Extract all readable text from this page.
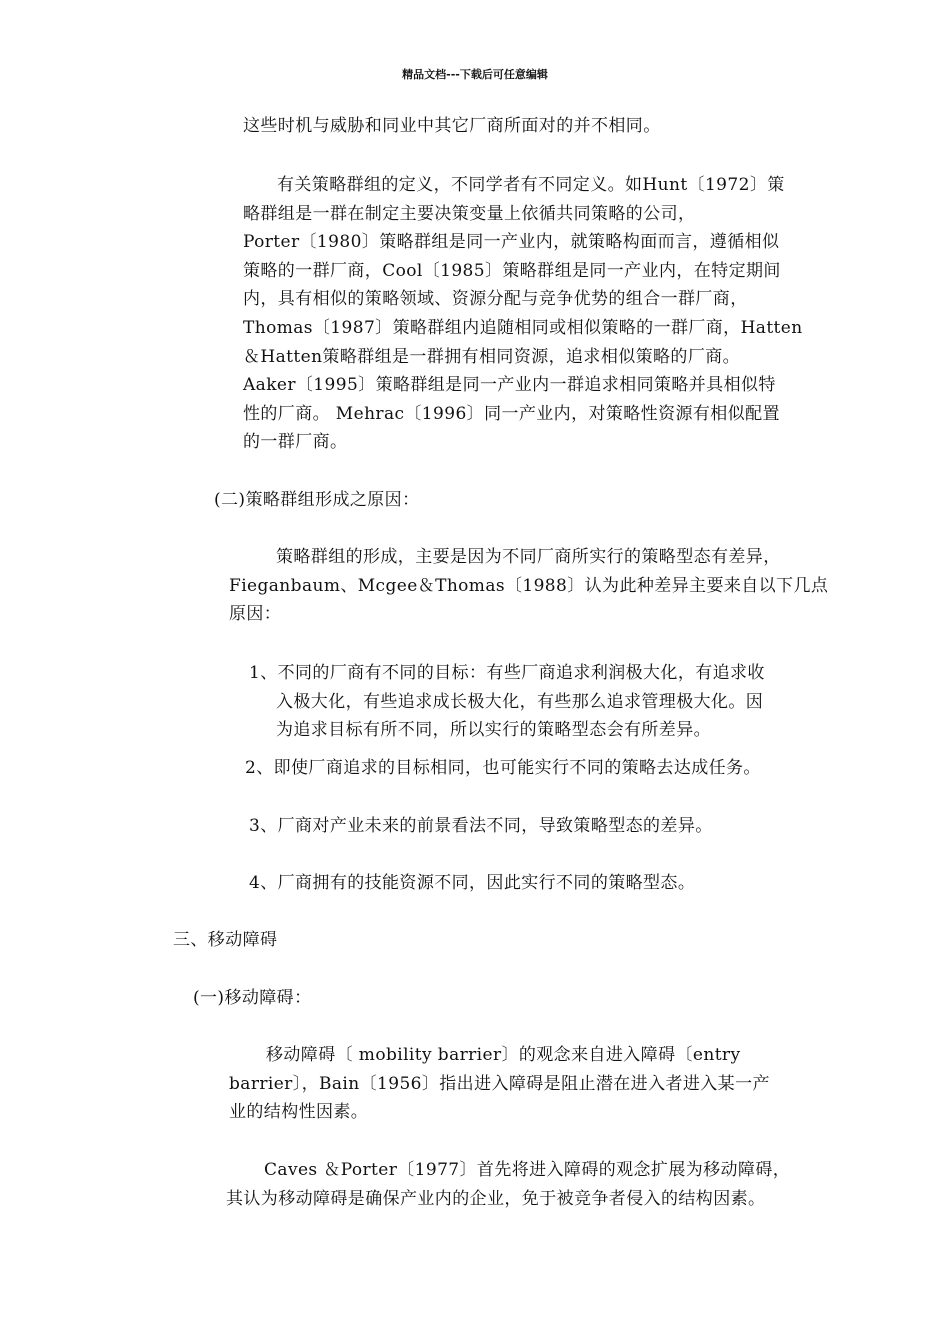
精品文档---下载后可任意编辑
这些时机与威胁和同业中其它厂商所面对的并不相同。
有关策略群组的定义，不同学者有不同定义。如Hunt〔1972〕策
略群组是一群在制定主要决策变量上依循共同策略的公司，
Porter〔1980〕策略群组是同一产业内，就策略构面而言，遵循相似
策略的一群厂商，Cool〔1985〕策略群组是同一产业内，在特定期间
内，具有相似的策略领域、资源分配与竞争优势的组合一群厂商，
Thomas〔1987〕策略群组内追随相同或相似策略的一群厂商，Hatten
＆Hatten策略群组是一群拥有相同资源，追求相似策略的厂商。
Aaker〔1995〕策略群组是同一产业内一群追求相同策略并具相似特
性的厂商。 Mehrac〔1996〕同一产业内，对策略性资源有相似配置
的一群厂商。
(二)策略群组形成之原因：
策略群组的形成，主要是因为不同厂商所实行的策略型态有差异，
Fieganbaum、Mcgee＆Thomas〔1988〕认为此种差异主要来自以下几点
原因：
1、不同的厂商有不同的目标：有些厂商追求利润极大化，有追求收
入极大化，有些追求成长极大化，有些那么追求管理极大化。因
为追求目标有所不同，所以实行的策略型态会有所差异。
2、即使厂商追求的目标相同，也可能实行不同的策略去达成任务。
3、厂商对产业未来的前景看法不同，导致策略型态的差异。
4、厂商拥有的技能资源不同，因此实行不同的策略型态。
三、移动障碍
(一)移动障碍：
移动障碍〔 mobility barrier〕的观念来自进入障碍〔entry
barrier〕，Bain〔1956〕指出进入障碍是阻止潜在进入者进入某一产
业的结构性因素。
Caves ＆Porter〔1977〕首先将进入障碍的观念扩展为移动障碍，
其认为移动障碍是确保产业内的企业，免于被竞争者侵入的结构因素。
